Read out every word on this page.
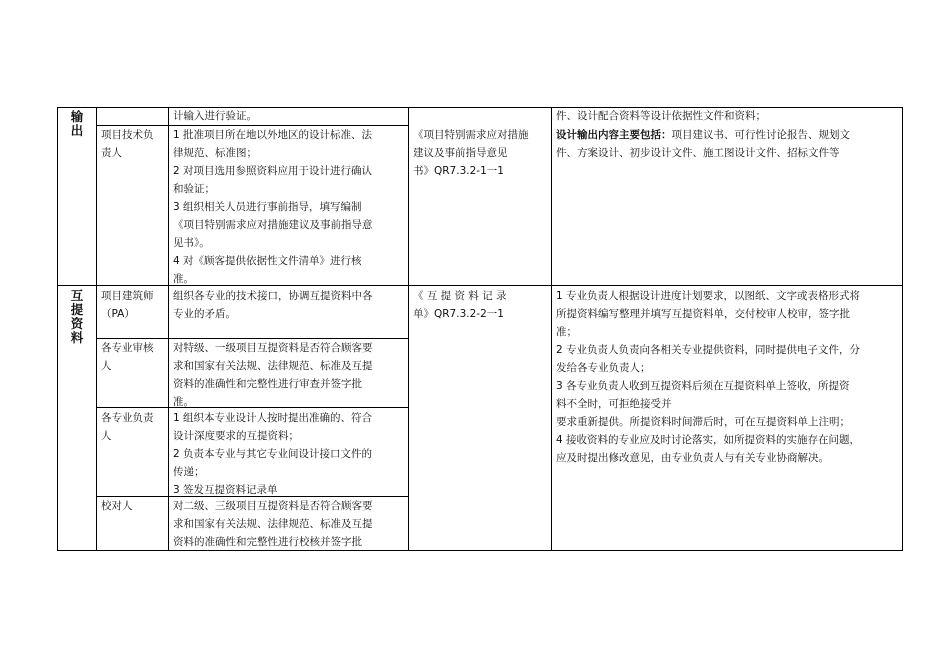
输
出
计输入进行验证。	件、设计配合资料等设计依据性文件和资料；
项目技术负
责人
1 批准项目所在地以外地区的设计标准、法
律规范、标准图；
2 对项目选用参照资料应用于设计进行确认
和验证；
3 组织相关人员进行事前指导，填写编制
《项目特别需求应对措施建议及事前指导意
见书》。
4 对《顾客提供依据性文件清单》进行核
准。
《项目特别需求应对措施
建议及事前指导意见
书》QR7.3.2-1一1
设计输出内容主要包括：项目建议书、可行性讨论报告、规划文
件、方案设计、初步设计文件、施工图设计文件、招标文件等
互
提
资
料
《 互 提 资 料 记 录
单》QR7.3.2-2一1
1 专业负责人根据设计进度计划要求，以图纸、文字或表格形式将
所提资料编写整理并填写互提资料单，交付校审人校审，签字批
准；
2 专业负责人负责向各相关专业提供资料，同时提供电子文件，分
发给各专业负责人；
3 各专业负责人收到互提资料后须在互提资料单上签收，所提资
料不全时，可拒绝接受并
要求重新提供。所提资料时间滞后时，可在互提资料单上注明；
4 接收资料的专业应及时讨论落实，如所提资料的实施存在问题，
应及时提出修改意见，由专业负责人与有关专业协商解决。
项目建筑师
（PA）
组织各专业的技术接口，协调互提资料中各
专业的矛盾。
各专业审核
人
对特级、一级项目互提资料是否符合顾客要
求和国家有关法规、法律规范、标准及互提
资料的准确性和完整性进行审查并签字批
准。
各专业负责
人
1 组织本专业设计人按时提出准确的、符合
设计深度要求的互提资料；
2 负责本专业与其它专业间设计接口文件的
传递；
3 签发互提资料记录单
校对人	对二级、三级项目互提资料是否符合顾客要
求和国家有关法规、法律规范、标准及互提
资料的准确性和完整性进行校核并签字批
